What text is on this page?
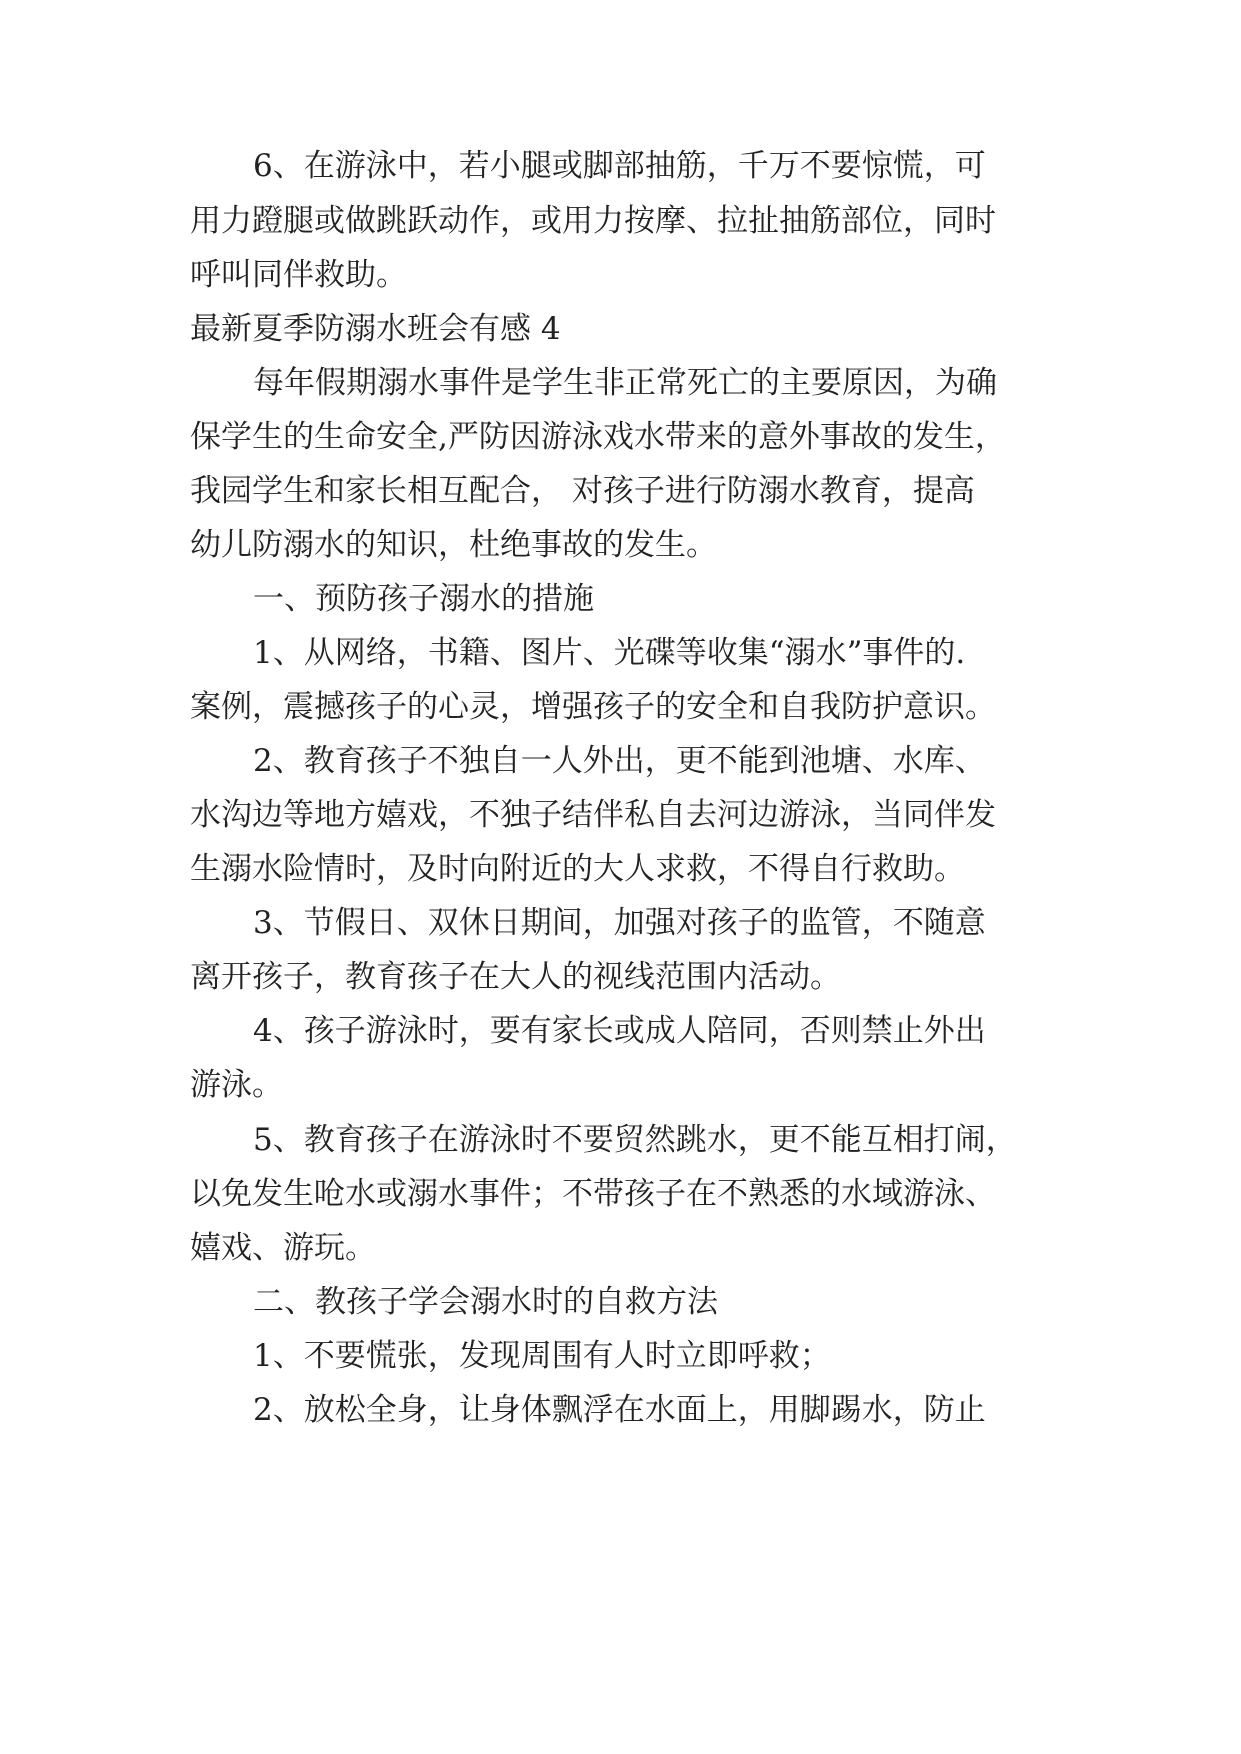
6、在游泳中，若小腿或脚部抽筋，千万不要惊慌，可
用力蹬腿或做跳跃动作，或用力按摩、拉扯抽筋部位，同时
呼叫同伴救助。
最新夏季防溺水班会有感 4
每年假期溺水事件是学生非正常死亡的主要原因，为确
保学生的生命安全,严防因游泳戏水带来的意外事故的发生，
我园学生和家长相互配合， 对孩子进行防溺水教育，提高
幼儿防溺水的知识，杜绝事故的发生。
一、预防孩子溺水的措施
1、从网络，书籍、图片、光碟等收集“溺水”事件的.
案例，震撼孩子的心灵，增强孩子的安全和自我防护意识。
2、教育孩子不独自一人外出，更不能到池塘、水库、
水沟边等地方嬉戏，不独子结伴私自去河边游泳，当同伴发
生溺水险情时，及时向附近的大人求救，不得自行救助。
3、节假日、双休日期间，加强对孩子的监管，不随意
离开孩子，教育孩子在大人的视线范围内活动。
4、孩子游泳时，要有家长或成人陪同，否则禁止外出
游泳。
5、教育孩子在游泳时不要贸然跳水，更不能互相打闹，
以免发生呛水或溺水事件；不带孩子在不熟悉的水域游泳、
嬉戏、游玩。
二、教孩子学会溺水时的自救方法
1、不要慌张，发现周围有人时立即呼救；
2、放松全身，让身体飘浮在水面上，用脚踢水，防止
